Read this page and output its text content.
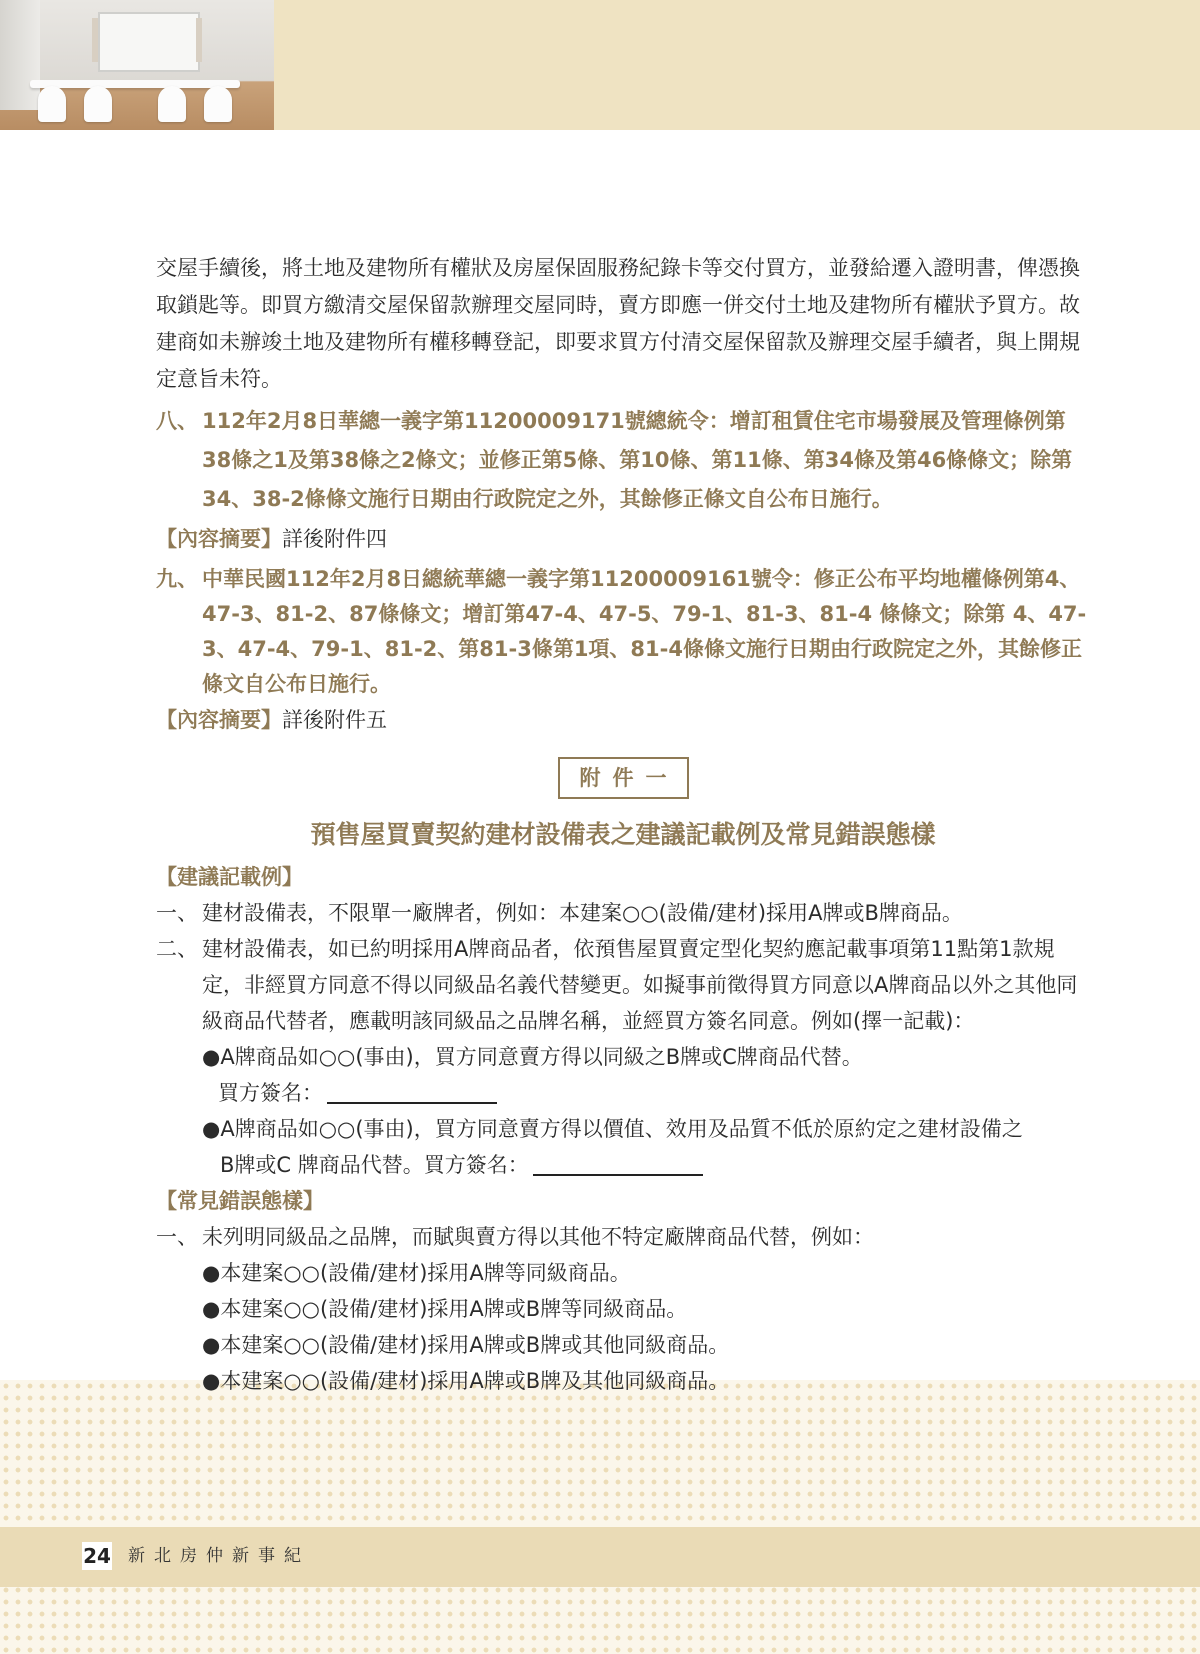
24 新北房仲新事紀

交屋手續後，將土地及建物所有權狀及房屋保固服務紀錄卡等交付買方，並發給遷入證明書，俾憑換取鎖匙等。即買方繳清交屋保留款辦理交屋同時，賣方即應一併交付土地及建物所有權狀予買方。故建商如未辦竣土地及建物所有權移轉登記，即要求買方付清交屋保留款及辦理交屋手續者，與上開規定意旨未符。

八、 112年2月8日華總一義字第11200009171號總統令：增訂租賃住宅市場發展及管理條例第38條之1及第38條之2條文；並修正第5條、第10條、第11條、第34條及第46條條文；除第34、38-2條條文施行日期由行政院定之外，其餘修正條文自公布日施行。

【內容摘要】詳後附件四

九、 中華民國112年2月8日總統華總一義字第11200009161號令：修正公布平均地權條例第4、47-3、81-2、87條條文；增訂第47-4、47-5、79-1、81-3、81-4 條條文；除第 4、47-3、47-4、79-1、81-2、第81-3條第1項、81-4條條文施行日期由行政院定之外，其餘修正條文自公布日施行。

【內容摘要】詳後附件五

附件一

預售屋買賣契約建材設備表之建議記載例及常見錯誤態樣

【建議記載例】

一、 建材設備表，不限單一廠牌者，例如：本建案○○(設備/建材)採用A牌或B牌商品。
二、 建材設備表，如已約明採用A牌商品者，依預售屋買賣定型化契約應記載事項第11點第1款規定，非經買方同意不得以同級品名義代替變更。如擬事前徵得買方同意以A牌商品以外之其他同級商品代替者，應載明該同級品之品牌名稱，並經買方簽名同意。例如(擇一記載)：

●A牌商品如○○(事由)，買方同意賣方得以同級之B牌或C牌商品代替。

買方簽名：

●A牌商品如○○(事由)，買方同意賣方得以價值、效用及品質不低於原約定之建材設備之

B牌或C 牌商品代替。買方簽名：

【常見錯誤態樣】

一、 未列明同級品之品牌，而賦與賣方得以其他不特定廠牌商品代替，例如：

●本建案○○(設備/建材)採用A牌等同級商品。

●本建案○○(設備/建材)採用A牌或B牌等同級商品。

●本建案○○(設備/建材)採用A牌或B牌或其他同級商品。

●本建案○○(設備/建材)採用A牌或B牌及其他同級商品。
